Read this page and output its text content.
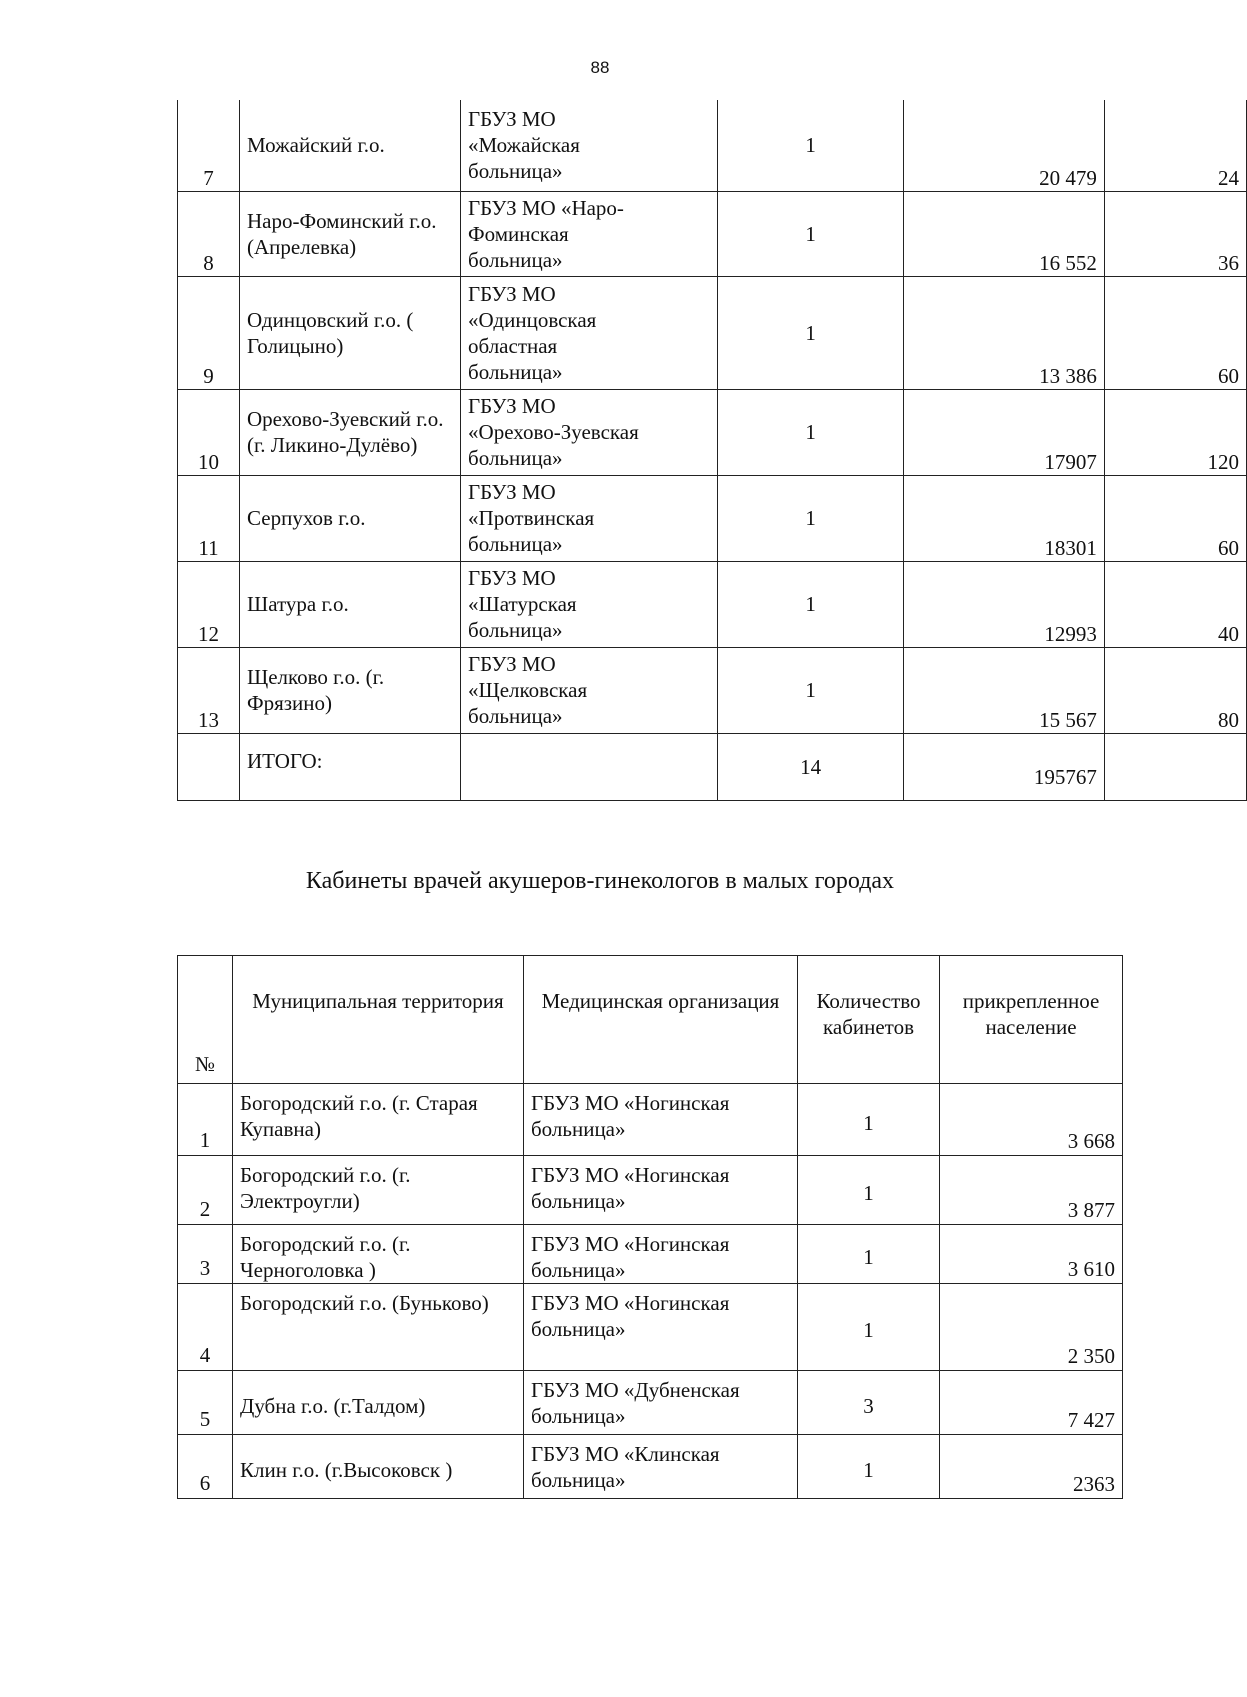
88
7	Можайский г.о.	ГБУЗ МО
«Можайская
больница»	1	20 479	24
8	Наро-Фоминский г.о. (Апрелевка)	ГБУЗ МО «Наро-
Фоминская
больница»	1	16 552	36
9	Одинцовский г.о. ( Голицыно)	ГБУЗ МО
«Одинцовская
областная
больница»	1	13 386	60
10	Орехово-Зуевский г.о. (г. Ликино-Дулёво)	ГБУЗ МО
«Орехово-Зуевская
больница»	1	17907	120
11	Серпухов г.о.	ГБУЗ МО
«Протвинская
больница»	1	18301	60
12	Шатура г.о.	ГБУЗ МО
«Шатурская
больница»	1	12993	40
13	Щелково г.о. (г. Фрязино)	ГБУЗ МО
«Щелковская
больница»	1	15 567	80
	ИТОГО:		14	195767	
Кабинеты врачей акушеров-гинекологов в малых городах
№	Муниципальная территория	Медицинская организация	Количество кабинетов	прикрепленное население
1	Богородский г.о. (г. Старая Купавна)	ГБУЗ МО «Ногинская больница»	1	3 668
2	Богородский г.о. (г. Электроугли)	ГБУЗ МО «Ногинская больница»	1	3 877
3	Богородский г.о. (г. Черноголовка )	ГБУЗ МО «Ногинская больница»	1	3 610
4	Богородский г.о. (Буньково)	ГБУЗ МО «Ногинская больница»	1	2 350
5	Дубна г.о. (г.Талдом)	ГБУЗ МО «Дубненская больница»	3	7 427
6	Клин г.о. (г.Высоковск )	ГБУЗ МО «Клинская больница»	1	2363
